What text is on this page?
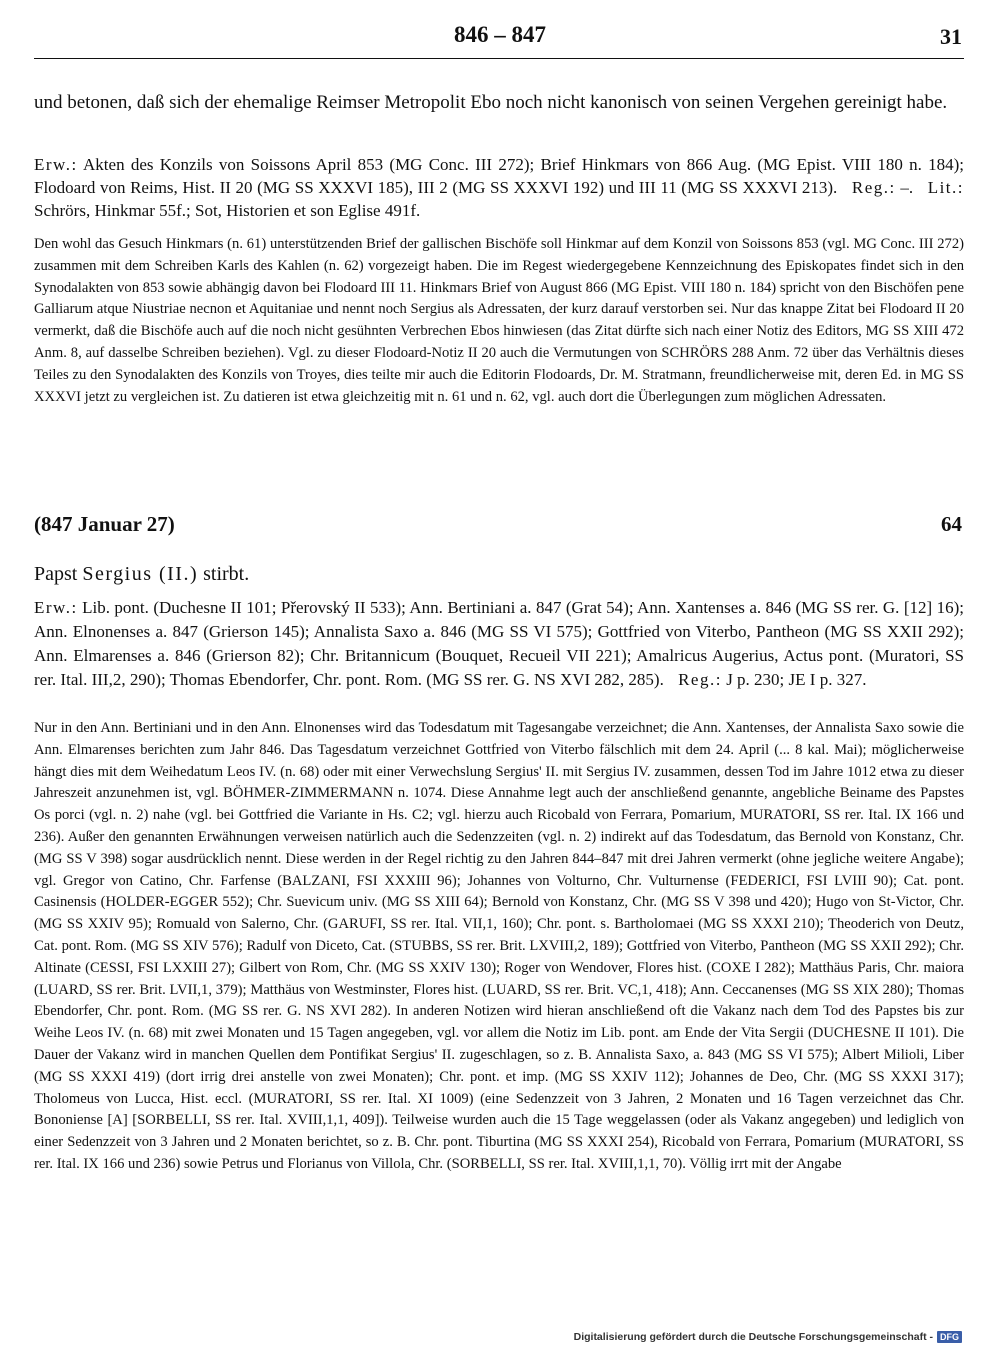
846 – 847	31

und betonen, daß sich der ehemalige Reimser Metropolit Ebo noch nicht kanonisch von seinen Vergehen gereinigt habe.

Erw.: Akten des Konzils von Soissons April 853 (MG Conc. III 272); Brief Hinkmars von 866 Aug. (MG Epist. VIII 180 n. 184); Flodoard von Reims, Hist. II 20 (MG SS XXXVI 185), III 2 (MG SS XXXVI 192) und III 11 (MG SS XXXVI 213). Reg.: –. Lit.: Schrörs, Hinkmar 55f.; Sot, Historien et son Eglise 491f.

Den wohl das Gesuch Hinkmars (n. 61) unterstützenden Brief der gallischen Bischöfe soll Hinkmar auf dem Konzil von Soissons 853 (vgl. MG Conc. III 272) zusammen mit dem Schreiben Karls des Kahlen (n. 62) vorgezeigt haben. Die im Regest wiedergegebene Kennzeichnung des Episkopates findet sich in den Synodalakten von 853 sowie abhängig davon bei Flodoard III 11. Hinkmars Brief von August 866 (MG Epist. VIII 180 n. 184) spricht von den Bischöfen pene Galliarum atque Niustriae necnon et Aquitaniae und nennt noch Sergius als Adressaten, der kurz darauf verstorben sei. Nur das knappe Zitat bei Flodoard II 20 vermerkt, daß die Bischöfe auch auf die noch nicht gesühnten Verbrechen Ebos hinwiesen (das Zitat dürfte sich nach einer Notiz des Editors, MG SS XIII 472 Anm. 8, auf dasselbe Schreiben beziehen). Vgl. zu dieser Flodoard-Notiz II 20 auch die Vermutungen von SCHRÖRS 288 Anm. 72 über das Verhältnis dieses Teiles zu den Synodalakten des Konzils von Troyes, dies teilte mir auch die Editorin Flodoards, Dr. M. Stratmann, freundlicherweise mit, deren Ed. in MG SS XXXVI jetzt zu vergleichen ist. Zu datieren ist etwa gleichzeitig mit n. 61 und n. 62, vgl. auch dort die Überlegungen zum möglichen Adressaten.

(847 Januar 27)	64

Papst Sergius (II.) stirbt.

Erw.: Lib. pont. (Duchesne II 101; Přerovský II 533); Ann. Bertiniani a. 847 (Grat 54); Ann. Xantenses a. 846 (MG SS rer. G. [12] 16); Ann. Elnonenses a. 847 (Grierson 145); Annalista Saxo a. 846 (MG SS VI 575); Gottfried von Viterbo, Pantheon (MG SS XXII 292); Ann. Elmarenses a. 846 (Grierson 82); Chr. Britannicum (Bouquet, Recueil VII 221); Amalricus Augerius, Actus pont. (Muratori, SS rer. Ital. III,2, 290); Thomas Ebendorfer, Chr. pont. Rom. (MG SS rer. G. NS XVI 282, 285). Reg.: J p. 230; JE I p. 327.

Nur in den Ann. Bertiniani und in den Ann. Elnonenses wird das Todesdatum mit Tagesangabe verzeichnet; die Ann. Xantenses, der Annalista Saxo sowie die Ann. Elmarenses berichten zum Jahr 846. Das Tagesdatum verzeichnet Gottfried von Viterbo fälschlich mit dem 24. April (... 8 kal. Mai); möglicherweise hängt dies mit dem Weihedatum Leos IV. (n. 68) oder mit einer Verwechslung Sergius' II. mit Sergius IV. zusammen, dessen Tod im Jahre 1012 etwa zu dieser Jahreszeit anzunehmen ist, vgl. BÖHMER-ZIMMERMANN n. 1074. Diese Annahme legt auch der anschließend genannte, angebliche Beiname des Papstes Os porci (vgl. n. 2) nahe (vgl. bei Gottfried die Variante in Hs. C2; vgl. hierzu auch Ricobald von Ferrara, Pomarium, MURATORI, SS rer. Ital. IX 166 und 236). Außer den genannten Erwähnungen verweisen natürlich auch die Sedenzzeiten (vgl. n. 2) indirekt auf das Todesdatum, das Bernold von Konstanz, Chr. (MG SS V 398) sogar ausdrücklich nennt. Diese werden in der Regel richtig zu den Jahren 844–847 mit drei Jahren vermerkt (ohne jegliche weitere Angabe); vgl. Gregor von Catino, Chr. Farfense (BALZANI, FSI XXXIII 96); Johannes von Volturno, Chr. Vulturnense (FEDERICI, FSI LVIII 90); Cat. pont. Casinensis (HOLDER-EGGER 552); Chr. Suevicum univ. (MG SS XIII 64); Bernold von Konstanz, Chr. (MG SS V 398 und 420); Hugo von St-Victor, Chr. (MG SS XXIV 95); Romuald von Salerno, Chr. (GARUFI, SS rer. Ital. VII,1, 160); Chr. pont. s. Bartholomaei (MG SS XXXI 210); Theoderich von Deutz, Cat. pont. Rom. (MG SS XIV 576); Radulf von Diceto, Cat. (STUBBS, SS rer. Brit. LXVIII,2, 189); Gottfried von Viterbo, Pantheon (MG SS XXII 292); Chr. Altinate (CESSI, FSI LXXIII 27); Gilbert von Rom, Chr. (MG SS XXIV 130); Roger von Wendover, Flores hist. (COXE I 282); Matthäus Paris, Chr. maiora (LUARD, SS rer. Brit. LVII,1, 379); Matthäus von Westminster, Flores hist. (LUARD, SS rer. Brit. VC,1, 418); Ann. Ceccanenses (MG SS XIX 280); Thomas Ebendorfer, Chr. pont. Rom. (MG SS rer. G. NS XVI 282). In anderen Notizen wird hieran anschließend oft die Vakanz nach dem Tod des Papstes bis zur Weihe Leos IV. (n. 68) mit zwei Monaten und 15 Tagen angegeben, vgl. vor allem die Notiz im Lib. pont. am Ende der Vita Sergii (DUCHESNE II 101). Die Dauer der Vakanz wird in manchen Quellen dem Pontifikat Sergius' II. zugeschlagen, so z. B. Annalista Saxo, a. 843 (MG SS VI 575); Albert Milioli, Liber (MG SS XXXI 419) (dort irrig drei anstelle von zwei Monaten); Chr. pont. et imp. (MG SS XXIV 112); Johannes de Deo, Chr. (MG SS XXXI 317); Tholomeus von Lucca, Hist. eccl. (MURATORI, SS rer. Ital. XI 1009) (eine Sedenzzeit von 3 Jahren, 2 Monaten und 16 Tagen verzeichnet das Chr. Bononiense [A] [SORBELLI, SS rer. Ital. XVIII,1,1, 409]). Teilweise wurden auch die 15 Tage weggelassen (oder als Vakanz angegeben) und lediglich von einer Sedenzzeit von 3 Jahren und 2 Monaten berichtet, so z. B. Chr. pont. Tiburtina (MG SS XXXI 254), Ricobald von Ferrara, Pomarium (MURATORI, SS rer. Ital. IX 166 und 236) sowie Petrus und Florianus von Villola, Chr. (SORBELLI, SS rer. Ital. XVIII,1,1, 70). Völlig irrt mit der Angabe

Digitalisierung gefördert durch die Deutsche Forschungsgemeinschaft - DFG
